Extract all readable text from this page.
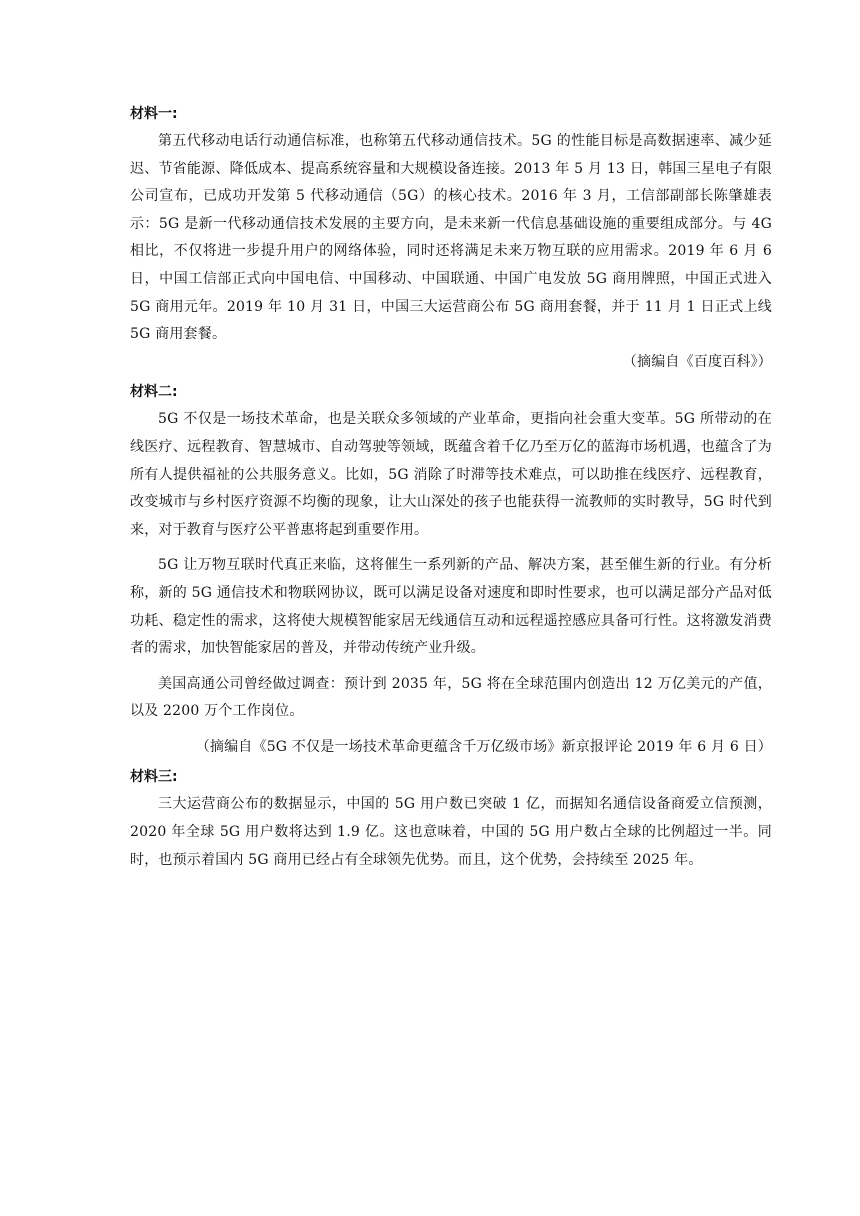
材料一:

第五代移动电话行动通信标准，也称第五代移动通信技术。5G 的性能目标是高数据速率、减少延迟、节省能源、降低成本、提高系统容量和大规模设备连接。2013 年 5 月 13 日，韩国三星电子有限公司宣布，已成功开发第 5 代移动通信（5G）的核心技术。2016 年 3 月，工信部副部长陈肇雄表示：5G 是新一代移动通信技术发展的主要方向，是未来新一代信息基础设施的重要组成部分。与 4G 相比，不仅将进一步提升用户的网络体验，同时还将满足未来万物互联的应用需求。2019 年 6 月 6 日，中国工信部正式向中国电信、中国移动、中国联通、中国广电发放 5G 商用牌照，中国正式进入 5G 商用元年。2019 年 10 月 31 日，中国三大运营商公布 5G 商用套餐，并于 11 月 1 日正式上线 5G 商用套餐。

（摘编自《百度百科》）

材料二:

5G 不仅是一场技术革命，也是关联众多领域的产业革命，更指向社会重大变革。5G 所带动的在线医疗、远程教育、智慧城市、自动驾驶等领域，既蕴含着千亿乃至万亿的蓝海市场机遇，也蕴含了为所有人提供福祉的公共服务意义。比如，5G 消除了时滞等技术难点，可以助推在线医疗、远程教育，改变城市与乡村医疗资源不均衡的现象，让大山深处的孩子也能获得一流教师的实时教导，5G 时代到来，对于教育与医疗公平普惠将起到重要作用。

5G 让万物互联时代真正来临，这将催生一系列新的产品、解决方案，甚至催生新的行业。有分析称，新的 5G 通信技术和物联网协议，既可以满足设备对速度和即时性要求，也可以满足部分产品对低功耗、稳定性的需求，这将使大规模智能家居无线通信互动和远程遥控感应具备可行性。这将激发消费者的需求，加快智能家居的普及，并带动传统产业升级。

美国高通公司曾经做过调查：预计到 2035 年，5G 将在全球范围内创造出 12 万亿美元的产值，以及 2200 万个工作岗位。

（摘编自《5G 不仅是一场技术革命更蕴含千万亿级市场》新京报评论 2019 年 6 月 6 日）

材料三:

三大运营商公布的数据显示，中国的 5G 用户数已突破 1 亿，而据知名通信设备商爱立信预测，2020 年全球 5G 用户数将达到 1.9 亿。这也意味着，中国的 5G 用户数占全球的比例超过一半。同时，也预示着国内 5G 商用已经占有全球领先优势。而且，这个优势，会持续至 2025 年。
